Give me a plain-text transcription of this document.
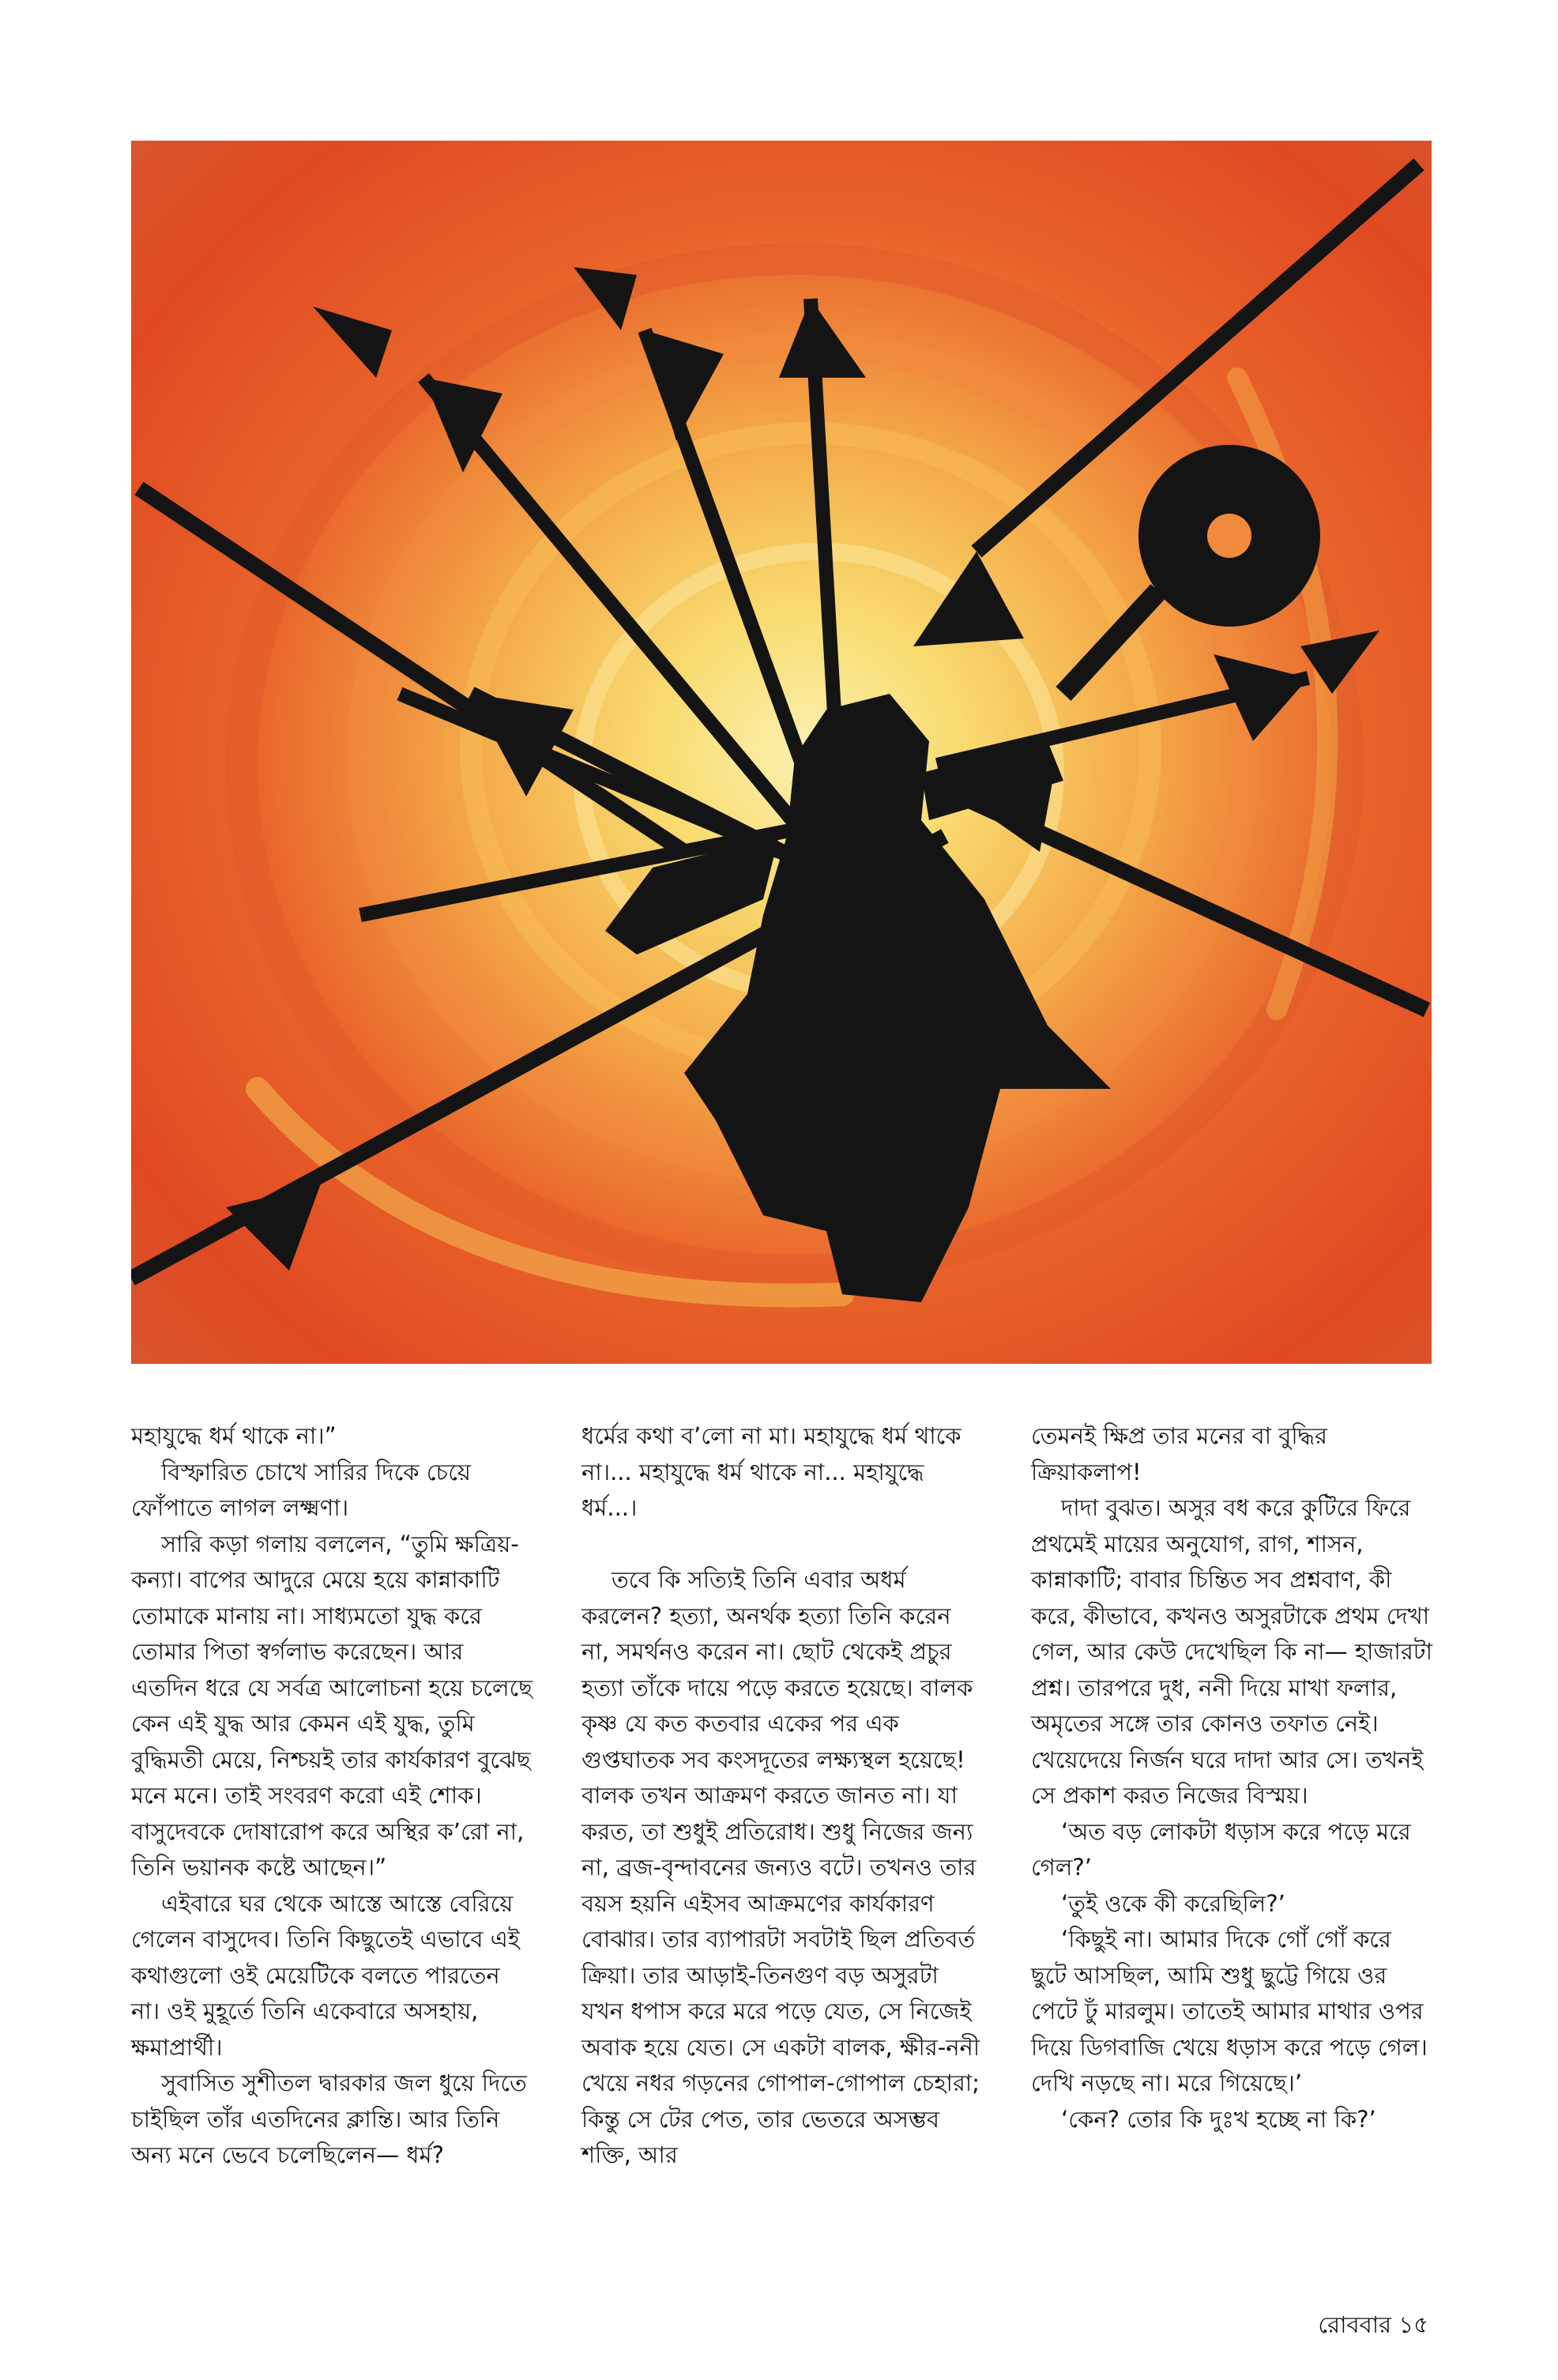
মহাযুদ্ধে ধর্ম থাকে না।”

বিস্ফারিত চোখে সারির দিকে চেয়ে ফোঁপাতে লাগল লক্ষ্মণা।

সারি কড়া গলায় বললেন, “তুমি ক্ষত্রিয়-কন্যা। বাপের আদুরে মেয়ে হয়ে কান্নাকাটি তোমাকে মানায় না। সাধ্যমতো যুদ্ধ করে তোমার পিতা স্বর্গলাভ করেছেন। আর এতদিন ধরে যে সর্বত্র আলোচনা হয়ে চলেছে কেন এই যুদ্ধ আর কেমন এই যুদ্ধ, তুমি বুদ্ধিমতী মেয়ে, নিশ্চয়ই তার কার্যকারণ বুঝেছ মনে মনে। তাই সংবরণ করো এই শোক। বাসুদেবকে দোষারোপ করে অস্থির ক’রো না, তিনি ভয়ানক কষ্টে আছেন।”

এইবারে ঘর থেকে আস্তে আস্তে বেরিয়ে গেলেন বাসুদেব। তিনি কিছুতেই এভাবে এই কথাগুলো ওই মেয়েটিকে বলতে পারতেন না। ওই মুহূর্তে তিনি একেবারে অসহায়, ক্ষমাপ্রার্থী।

সুবাসিত সুশীতল দ্বারকার জল ধুয়ে দিতে চাইছিল তাঁর এতদিনের ক্লান্তি। আর তিনি অন্য মনে ভেবে চলেছিলেন— ধর্ম?

ধর্মের কথা ব’লো না মা। মহাযুদ্ধে ধর্ম থাকে না।... মহাযুদ্ধে ধর্ম থাকে না... মহাযুদ্ধে ধর্ম...।

তবে কি সত্যিই তিনি এবার অধর্ম করলেন? হত্যা, অনর্থক হত্যা তিনি করেন না, সমর্থনও করেন না। ছোট থেকেই প্রচুর হত্যা তাঁকে দায়ে পড়ে করতে হয়েছে। বালক কৃষ্ণ যে কত কতবার একের পর এক গুপ্তঘাতক সব কংসদূতের লক্ষ্যস্থল হয়েছে! বালক তখন আক্রমণ করতে জানত না। যা করত, তা শুধুই প্রতিরোধ। শুধু নিজের জন্য না, ব্রজ-বৃন্দাবনের জন্যও বটে। তখনও তার বয়স হয়নি এইসব আক্রমণের কার্যকারণ বোঝার। তার ব্যাপারটা সবটাই ছিল প্রতিবর্ত ক্রিয়া। তার আড়াই-তিনগুণ বড় অসুরটা যখন ধপাস করে মরে পড়ে যেত, সে নিজেই অবাক হয়ে যেত। সে একটা বালক, ক্ষীর-ননী খেয়ে নধর গড়নের গোপাল-গোপাল চেহারা; কিন্তু সে টের পেত, তার ভেতরে অসম্ভব শক্তি, আর

তেমনই ক্ষিপ্র তার মনের বা বুদ্ধির ক্রিয়াকলাপ!

দাদা বুঝত। অসুর বধ করে কুটিরে ফিরে প্রথমেই মায়ের অনুযোগ, রাগ, শাসন, কান্নাকাটি; বাবার চিন্তিত সব প্রশ্নবাণ, কী করে, কীভাবে, কখনও অসুরটাকে প্রথম দেখা গেল, আর কেউ দেখেছিল কি না— হাজারটা প্রশ্ন। তারপরে দুধ, ননী দিয়ে মাখা ফলার, অমৃতের সঙ্গে তার কোনও তফাত নেই। খেয়েদেয়ে নির্জন ঘরে দাদা আর সে। তখনই সে প্রকাশ করত নিজের বিস্ময়।

‘অত বড় লোকটা ধড়াস করে পড়ে মরে গেল?’

‘তুই ওকে কী করেছিলি?’

‘কিছুই না। আমার দিকে গোঁ গোঁ করে ছুটে আসছিল, আমি শুধু ছুট্টে গিয়ে ওর পেটে ঢুঁ মারলুম। তাতেই আমার মাথার ওপর দিয়ে ডিগবাজি খেয়ে ধড়াস করে পড়ে গেল। দেখি নড়ছে না। মরে গিয়েছে।’

‘কেন? তোর কি দুঃখ হচ্ছে না কি?’

রোববার ১৫
